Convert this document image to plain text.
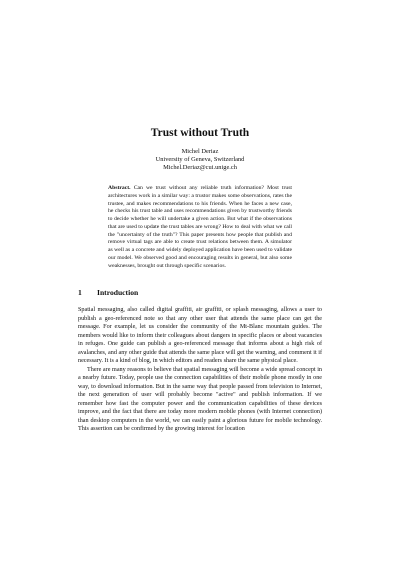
Trust without Truth
Michel Deriaz
University of Geneva, Switzerland
Michel.Deriaz@cui.unige.ch
Abstract. Can we trust without any reliable truth information? Most trust architectures work in a similar way: a trustor makes some observations, rates the trustee, and makes recommendations to his friends. When he faces a new case, he checks his trust table and uses recommendations given by trustworthy friends to decide whether he will undertake a given action. But what if the observations that are used to update the trust tables are wrong? How to deal with what we call the "uncertainty of the truth"? This paper presents how people that publish and remove virtual tags are able to create trust relations between them. A simulator as well as a concrete and widely deployed application have been used to validate our model. We observed good and encouraging results in general, but also some weaknesses, brought out through specific scenarios.
1 Introduction

Spatial messaging, also called digital graffiti, air graffiti, or splash messaging, allows a user to publish a geo-referenced note so that any other user that attends the same place can get the message. For example, let us consider the community of the Mt-Blanc mountain guides. The members would like to inform their colleagues about dangers in specific places or about vacancies in refuges. One guide can publish a geo-referenced message that informs about a high risk of avalanches, and any other guide that attends the same place will get the warning, and comment it if necessary. It is a kind of blog, in which editors and readers share the same physical place.

There are many reasons to believe that spatial messaging will become a wide spread concept in a nearby future. Today, people use the connection capabilities of their mobile phone mostly in one way, to download information. But in the same way that people passed from television to Internet, the next generation of user will probably become "active" and publish information. If we remember how fast the computer power and the communication capabilities of these devices improve, and the fact that there are today more modern mobile phones (with Internet connection) than desktop computers in the world, we can easily paint a glorious future for mobile technology. This assertion can be confirmed by the growing interest for location
